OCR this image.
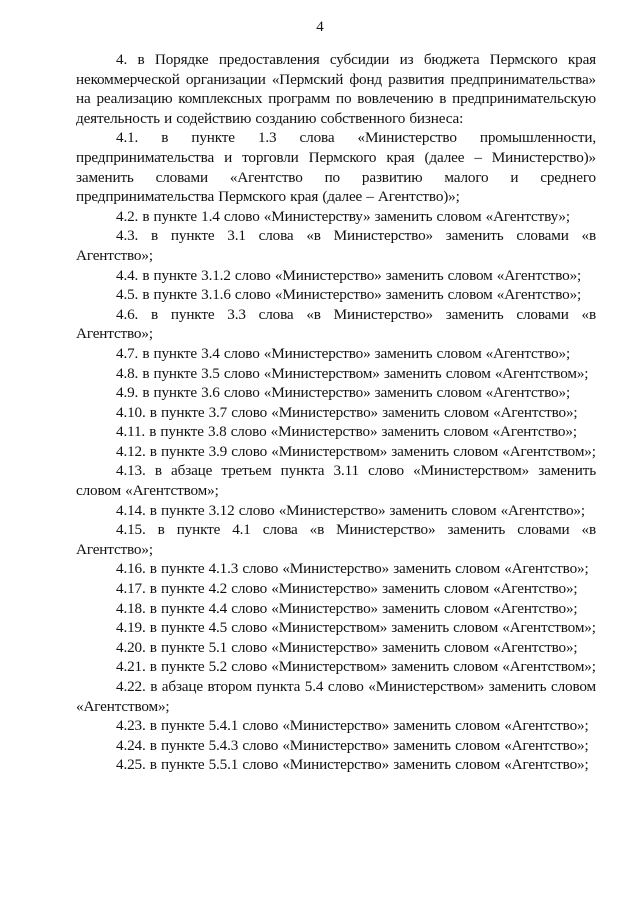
4

4. в Порядке предоставления субсидии из бюджета Пермского края некоммерческой организации «Пермский фонд развития предпринимательства» на реализацию комплексных программ по вовлечению в предпринимательскую деятельность и содействию созданию собственного бизнеса:

4.1. в пункте 1.3 слова «Министерство промышленности, предпринимательства и торговли Пермского края (далее – Министерство)» заменить словами «Агентство по развитию малого и среднего предпринимательства Пермского края (далее – Агентство)»;

4.2. в пункте 1.4 слово «Министерству» заменить словом «Агентству»;

4.3. в пункте 3.1 слова «в Министерство» заменить словами «в Агентство»;

4.4. в пункте 3.1.2 слово «Министерство» заменить словом «Агентство»;

4.5. в пункте 3.1.6 слово «Министерство» заменить словом «Агентство»;

4.6. в пункте 3.3 слова «в Министерство» заменить словами «в Агентство»;

4.7. в пункте 3.4 слово «Министерство» заменить словом «Агентство»;

4.8. в пункте 3.5 слово «Министерством» заменить словом «Агентством»;

4.9. в пункте 3.6 слово «Министерство» заменить словом «Агентство»;

4.10. в пункте 3.7 слово «Министерство» заменить словом «Агентство»;

4.11. в пункте 3.8 слово «Министерство» заменить словом «Агентство»;

4.12. в пункте 3.9 слово «Министерством» заменить словом «Агентством»;

4.13. в абзаце третьем пункта 3.11 слово «Министерством» заменить словом «Агентством»;

4.14. в пункте 3.12 слово «Министерство» заменить словом «Агентство»;

4.15. в пункте 4.1 слова «в Министерство» заменить словами «в Агентство»;

4.16. в пункте 4.1.3 слово «Министерство» заменить словом «Агентство»;

4.17. в пункте 4.2 слово «Министерство» заменить словом «Агентство»;

4.18. в пункте 4.4 слово «Министерство» заменить словом «Агентство»;

4.19. в пункте 4.5 слово «Министерством» заменить словом «Агентством»;

4.20. в пункте 5.1 слово «Министерство» заменить словом «Агентство»;

4.21. в пункте 5.2 слово «Министерством» заменить словом «Агентством»;

4.22. в абзаце втором пункта 5.4 слово «Министерством» заменить словом «Агентством»;

4.23. в пункте 5.4.1 слово «Министерство» заменить словом «Агентство»;

4.24. в пункте 5.4.3 слово «Министерство» заменить словом «Агентство»;

4.25. в пункте 5.5.1 слово «Министерство» заменить словом «Агентство»;
